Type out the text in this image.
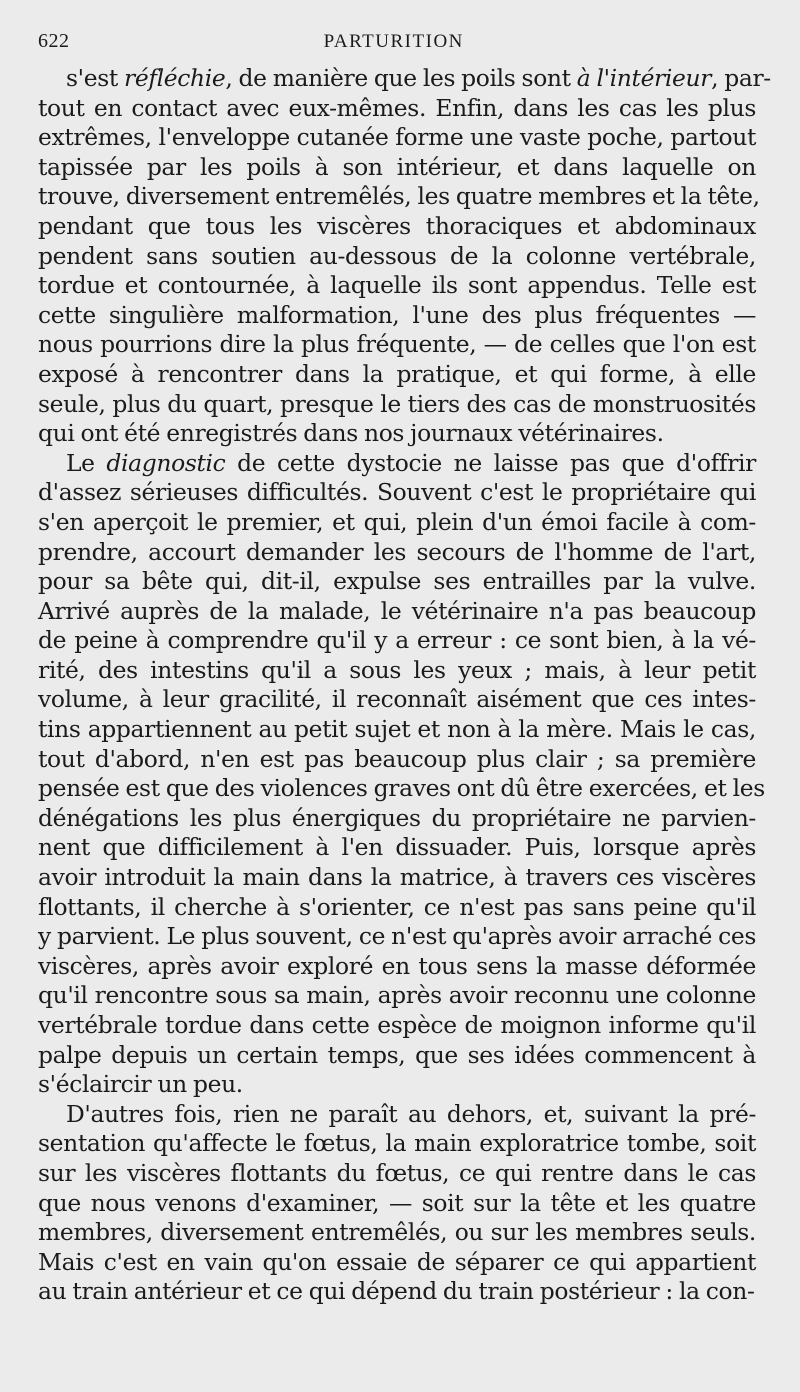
622	PARTURITION
s'est réfléchie, de manière que les poils sont à l'intérieur, par-
tout en contact avec eux-mêmes. Enfin, dans les cas les plus
extrêmes, l'enveloppe cutanée forme une vaste poche, partout
tapissée par les poils à son intérieur, et dans laquelle on
trouve, diversement entremêlés, les quatre membres et la tête,
pendant que tous les viscères thoraciques et abdominaux
pendent sans soutien au-dessous de la colonne vertébrale,
tordue et contournée, à laquelle ils sont appendus. Telle est
cette singulière malformation, l'une des plus fréquentes —
nous pourrions dire la plus fréquente, — de celles que l'on est
exposé à rencontrer dans la pratique, et qui forme, à elle
seule, plus du quart, presque le tiers des cas de monstruosités
qui ont été enregistrés dans nos journaux vétérinaires.
Le diagnostic de cette dystocie ne laisse pas que d'offrir
d'assez sérieuses difficultés. Souvent c'est le propriétaire qui
s'en aperçoit le premier, et qui, plein d'un émoi facile à com-
prendre, accourt demander les secours de l'homme de l'art,
pour sa bête qui, dit-il, expulse ses entrailles par la vulve.
Arrivé auprès de la malade, le vétérinaire n'a pas beaucoup
de peine à comprendre qu'il y a erreur : ce sont bien, à la vé-
rité, des intestins qu'il a sous les yeux ; mais, à leur petit
volume, à leur gracilité, il reconnaît aisément que ces intes-
tins appartiennent au petit sujet et non à la mère. Mais le cas,
tout d'abord, n'en est pas beaucoup plus clair ; sa première
pensée est que des violences graves ont dû être exercées, et les
dénégations les plus énergiques du propriétaire ne parvien-
nent que difficilement à l'en dissuader. Puis, lorsque après
avoir introduit la main dans la matrice, à travers ces viscères
flottants, il cherche à s'orienter, ce n'est pas sans peine qu'il
y parvient. Le plus souvent, ce n'est qu'après avoir arraché ces
viscères, après avoir exploré en tous sens la masse déformée
qu'il rencontre sous sa main, après avoir reconnu une colonne
vertébrale tordue dans cette espèce de moignon informe qu'il
palpe depuis un certain temps, que ses idées commencent à
s'éclaircir un peu.
D'autres fois, rien ne paraît au dehors, et, suivant la pré-
sentation qu'affecte le fœtus, la main exploratrice tombe, soit
sur les viscères flottants du fœtus, ce qui rentre dans le cas
que nous venons d'examiner, — soit sur la tête et les quatre
membres, diversement entremêlés, ou sur les membres seuls.
Mais c'est en vain qu'on essaie de séparer ce qui appartient
au train antérieur et ce qui dépend du train postérieur : la con-
